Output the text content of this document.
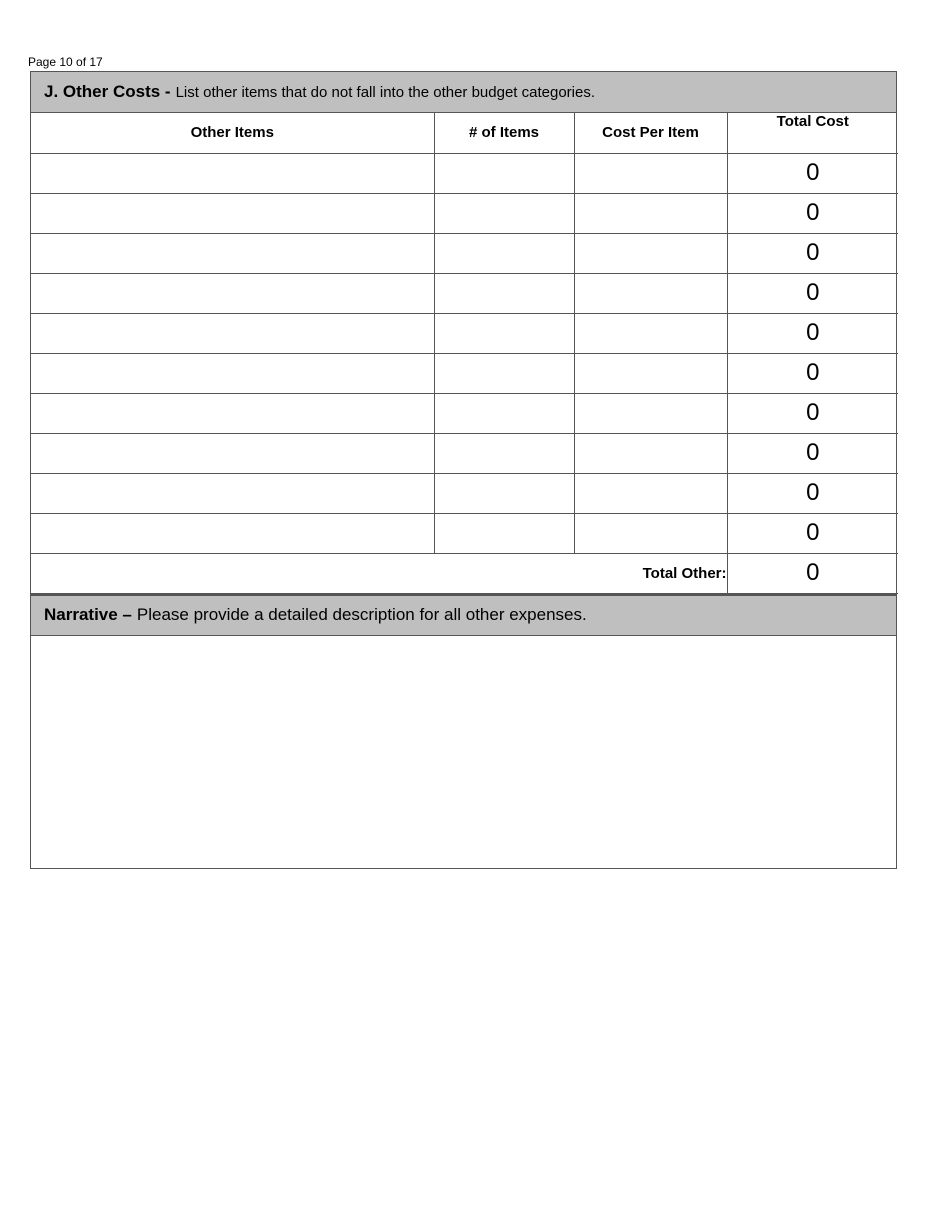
Page 10 of 17
J. Other Costs - List other items that do not fall into the other budget categories.
Other Items	# of Items	Cost Per Item	Total Cost
			0
			0
			0
			0
			0
			0
			0
			0
			0
			0
Total Other:			0
Narrative – Please provide a detailed description for all other expenses.
